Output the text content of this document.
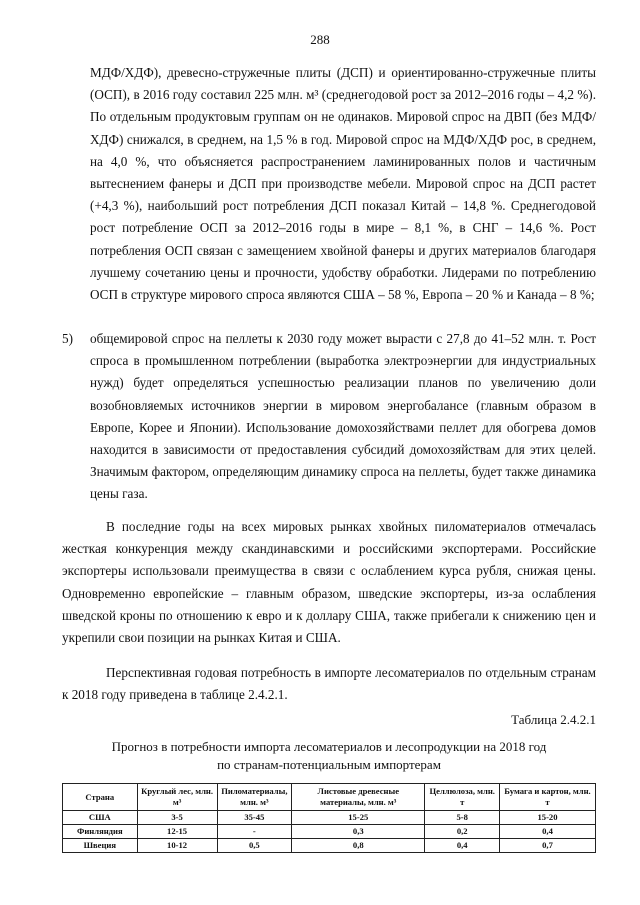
288

МДФ/ХДФ), древесно-стружечные плиты (ДСП) и ориентированно-стружечные плиты (ОСП), в 2016 году составил 225 млн. м³ (среднегодовой рост за 2012–2016 годы – 4,2 %). По отдельным продуктовым группам он не одинаков. Мировой спрос на ДВП (без МДФ/ХДФ) снижался, в среднем, на 1,5 % в год. Мировой спрос на МДФ/ХДФ рос, в среднем, на 4,0 %, что объясняется распространением ламинированных полов и частичным вытеснением фанеры и ДСП при производстве мебели. Мировой спрос на ДСП растет (+4,3 %), наибольший рост потребления ДСП показал Китай – 14,8 %. Среднегодовой рост потребление ОСП за 2012–2016 годы в мире – 8,1 %, в СНГ – 14,6 %. Рост потребления ОСП связан с замещением хвойной фанеры и других материалов благодаря лучшему сочетанию цены и прочности, удобству обработки. Лидерами по потреблению ОСП в структуре мирового спроса являются США – 58 %, Европа – 20 % и Канада – 8 %;

5) общемировой спрос на пеллеты к 2030 году может вырасти с 27,8 до 41–52 млн. т. Рост спроса в промышленном потреблении (выработка электроэнергии для индустриальных нужд) будет определяться успешностью реализации планов по увеличению доли возобновляемых источников энергии в мировом энергобалансе (главным образом в Европе, Корее и Японии). Использование домохозяйствами пеллет для обогрева домов находится в зависимости от предоставления субсидий домохозяйствам для этих целей. Значимым фактором, определяющим динамику спроса на пеллеты, будет также динамика цены газа.

В последние годы на всех мировых рынках хвойных пиломатериалов отмечалась жесткая конкуренция между скандинавскими и российскими экспортерами. Российские экспортеры использовали преимущества в связи с ослаблением курса рубля, снижая цены. Одновременно европейские – главным образом, шведские экспортеры, из-за ослабления шведской кроны по отношению к евро и к доллару США, также прибегали к снижению цен и укрепили свои позиции на рынках Китая и США.

Перспективная годовая потребность в импорте лесоматериалов по отдельным странам к 2018 году приведена в таблице 2.4.2.1.

Таблица 2.4.2.1
Прогноз в потребности импорта лесоматериалов и лесопродукции на 2018 год
по странам-потенциальным импортерам
Страна	Круглый лес, млн. м³	Пиломатериалы, млн. м³	Листовые древесные материалы, млн. м³	Целлюлоза, млн. т	Бумага и картон, млн. т
США	3-5	35-45	15-25	5-8	15-20
Финляндия	12-15	-	0,3	0,2	0,4
Швеция	10-12	0,5	0,8	0,4	0,7
